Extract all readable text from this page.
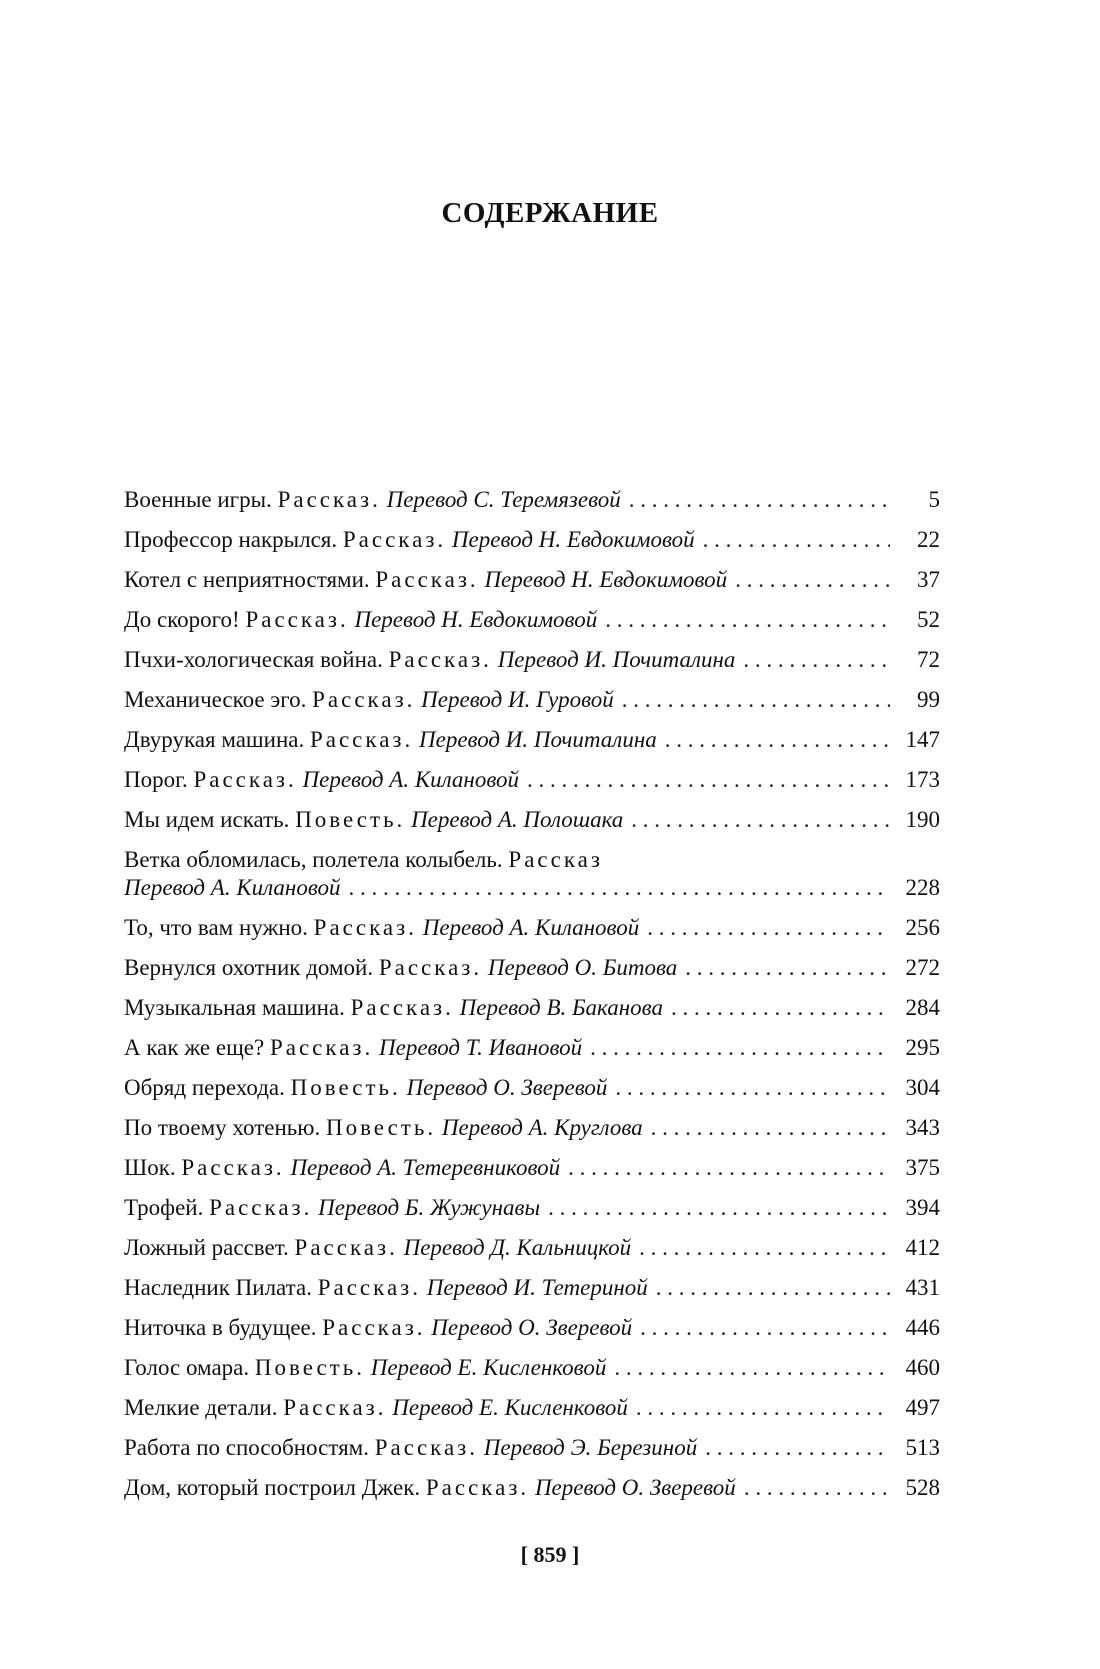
СОДЕРЖАНИЕ
Военные игры. Рассказ. Перевод С. Теремязевой . . .	5
Профессор накрылся. Рассказ. Перевод Н. Евдокимовой . . .	22
Котел с неприятностями. Рассказ. Перевод Н. Евдокимовой . . .	37
До скорого! Рассказ. Перевод Н. Евдокимовой . . .	52
Пчхи-хологическая война. Рассказ. Перевод И. Почиталина . . .	72
Механическое эго. Рассказ. Перевод И. Гуровой . . .	99
Двурукая машина. Рассказ. Перевод И. Почиталина . . .	147
Порог. Рассказ. Перевод А. Килановой . . .	173
Мы идем искать. Повесть. Перевод А. Полошака . . .	190
Ветка обломилась, полетела колыбель. Рассказ
Перевод А. Килановой . . .	228
То, что вам нужно. Рассказ. Перевод А. Килановой . . .	256
Вернулся охотник домой. Рассказ. Перевод О. Битова . . .	272
Музыкальная машина. Рассказ. Перевод В. Баканова . . .	284
А как же еще? Рассказ. Перевод Т. Ивановой . . .	295
Обряд перехода. Повесть. Перевод О. Зверевой . . .	304
По твоему хотенью. Повесть. Перевод А. Круглова . . .	343
Шок. Рассказ. Перевод А. Тетеревниковой . . .	375
Трофей. Рассказ. Перевод Б. Жужунавы . . .	394
Ложный рассвет. Рассказ. Перевод Д. Кальницкой . . .	412
Наследник Пилата. Рассказ. Перевод И. Тетериной . . .	431
Ниточка в будущее. Рассказ. Перевод О. Зверевой . . .	446
Голос омара. Повесть. Перевод Е. Кисленковой . . .	460
Мелкие детали. Рассказ. Перевод Е. Кисленковой . . .	497
Работа по способностям. Рассказ. Перевод Э. Березиной . . .	513
Дом, который построил Джек. Рассказ. Перевод О. Зверевой . . .	528
[ 859 ]
